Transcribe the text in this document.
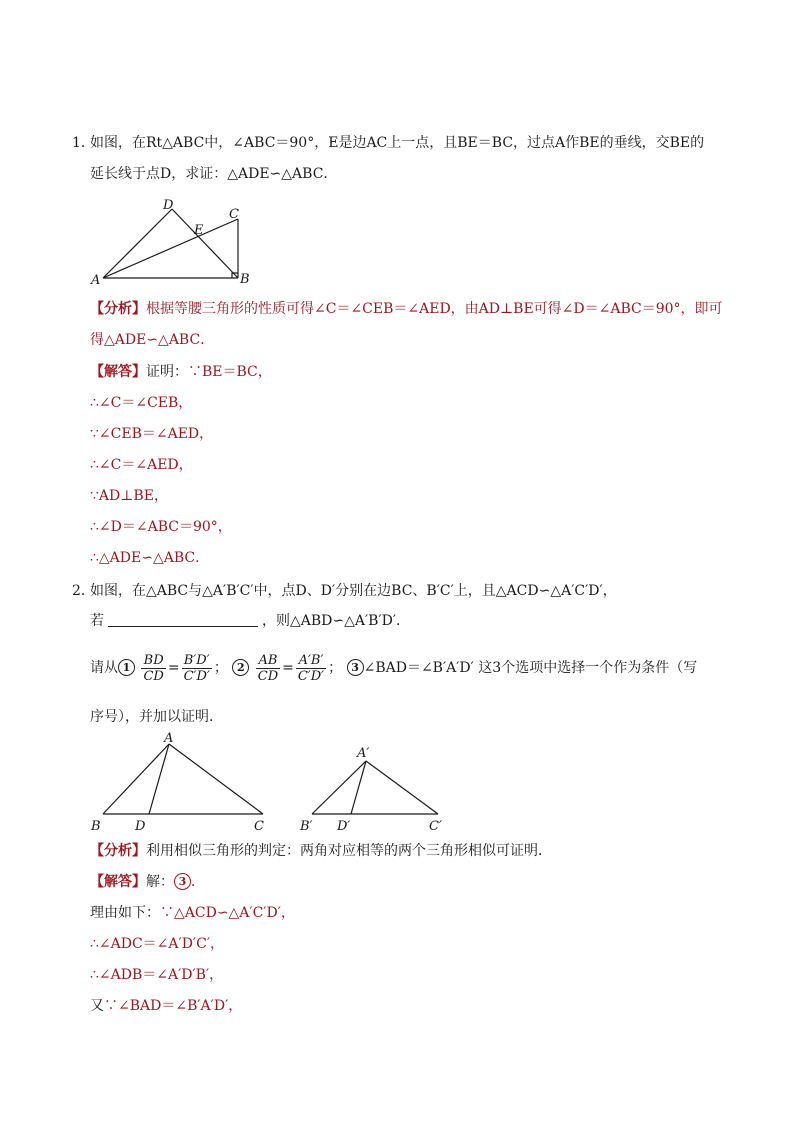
1．
如图，在Rt△ABC中，∠ABC＝90°，E是边AC上一点，且BE＝BC，过点A作BE的垂线，交BE的
延长线于点D，求证：△ADE∽△ABC．
A	B
C
D
E
【分析】根据等腰三角形的性质可得∠C＝∠CEB＝∠AED，由AD⊥BE可得∠D＝∠ABC＝90°，即可
得△ADE∽△ABC．
【解答】证明：∵BE＝BC，
∴∠C＝∠CEB，
∵∠CEB＝∠AED，
∴∠C＝∠AED，
∵AD⊥BE，
∴∠D＝∠ABC＝90°，
∴△ADE∽△ABC．
2．
如图，在△ABC与△A′B′C′中，点D、D′分别在边BC、B′C′上，且△ACD∽△A′C′D′，
若	，则△ABD∽△A′B′D′．
请从 $1 \frac{BD}{CD} = \frac{B'D'}{C'D'}$ ； $2 \frac{AB}{CD} = \frac{A'B'}{C'D'}$ ； 3 ∠BAD＝∠B′A′D′ 这3个选项中选择一个作为条件（写
序号），并加以证明．
A
B	D	C
A′
B′ D′	C′
【分析】利用相似三角形的判定：两角对应相等的两个三角形相似可证明．
【解答】解： 3 ．
理由如下：∵△ACD∽△A′C′D′，
∴∠ADC＝∠A′D′C′，
∴∠ADB＝∠A′D′B′，
又∵∠BAD＝∠B′A′D′，
